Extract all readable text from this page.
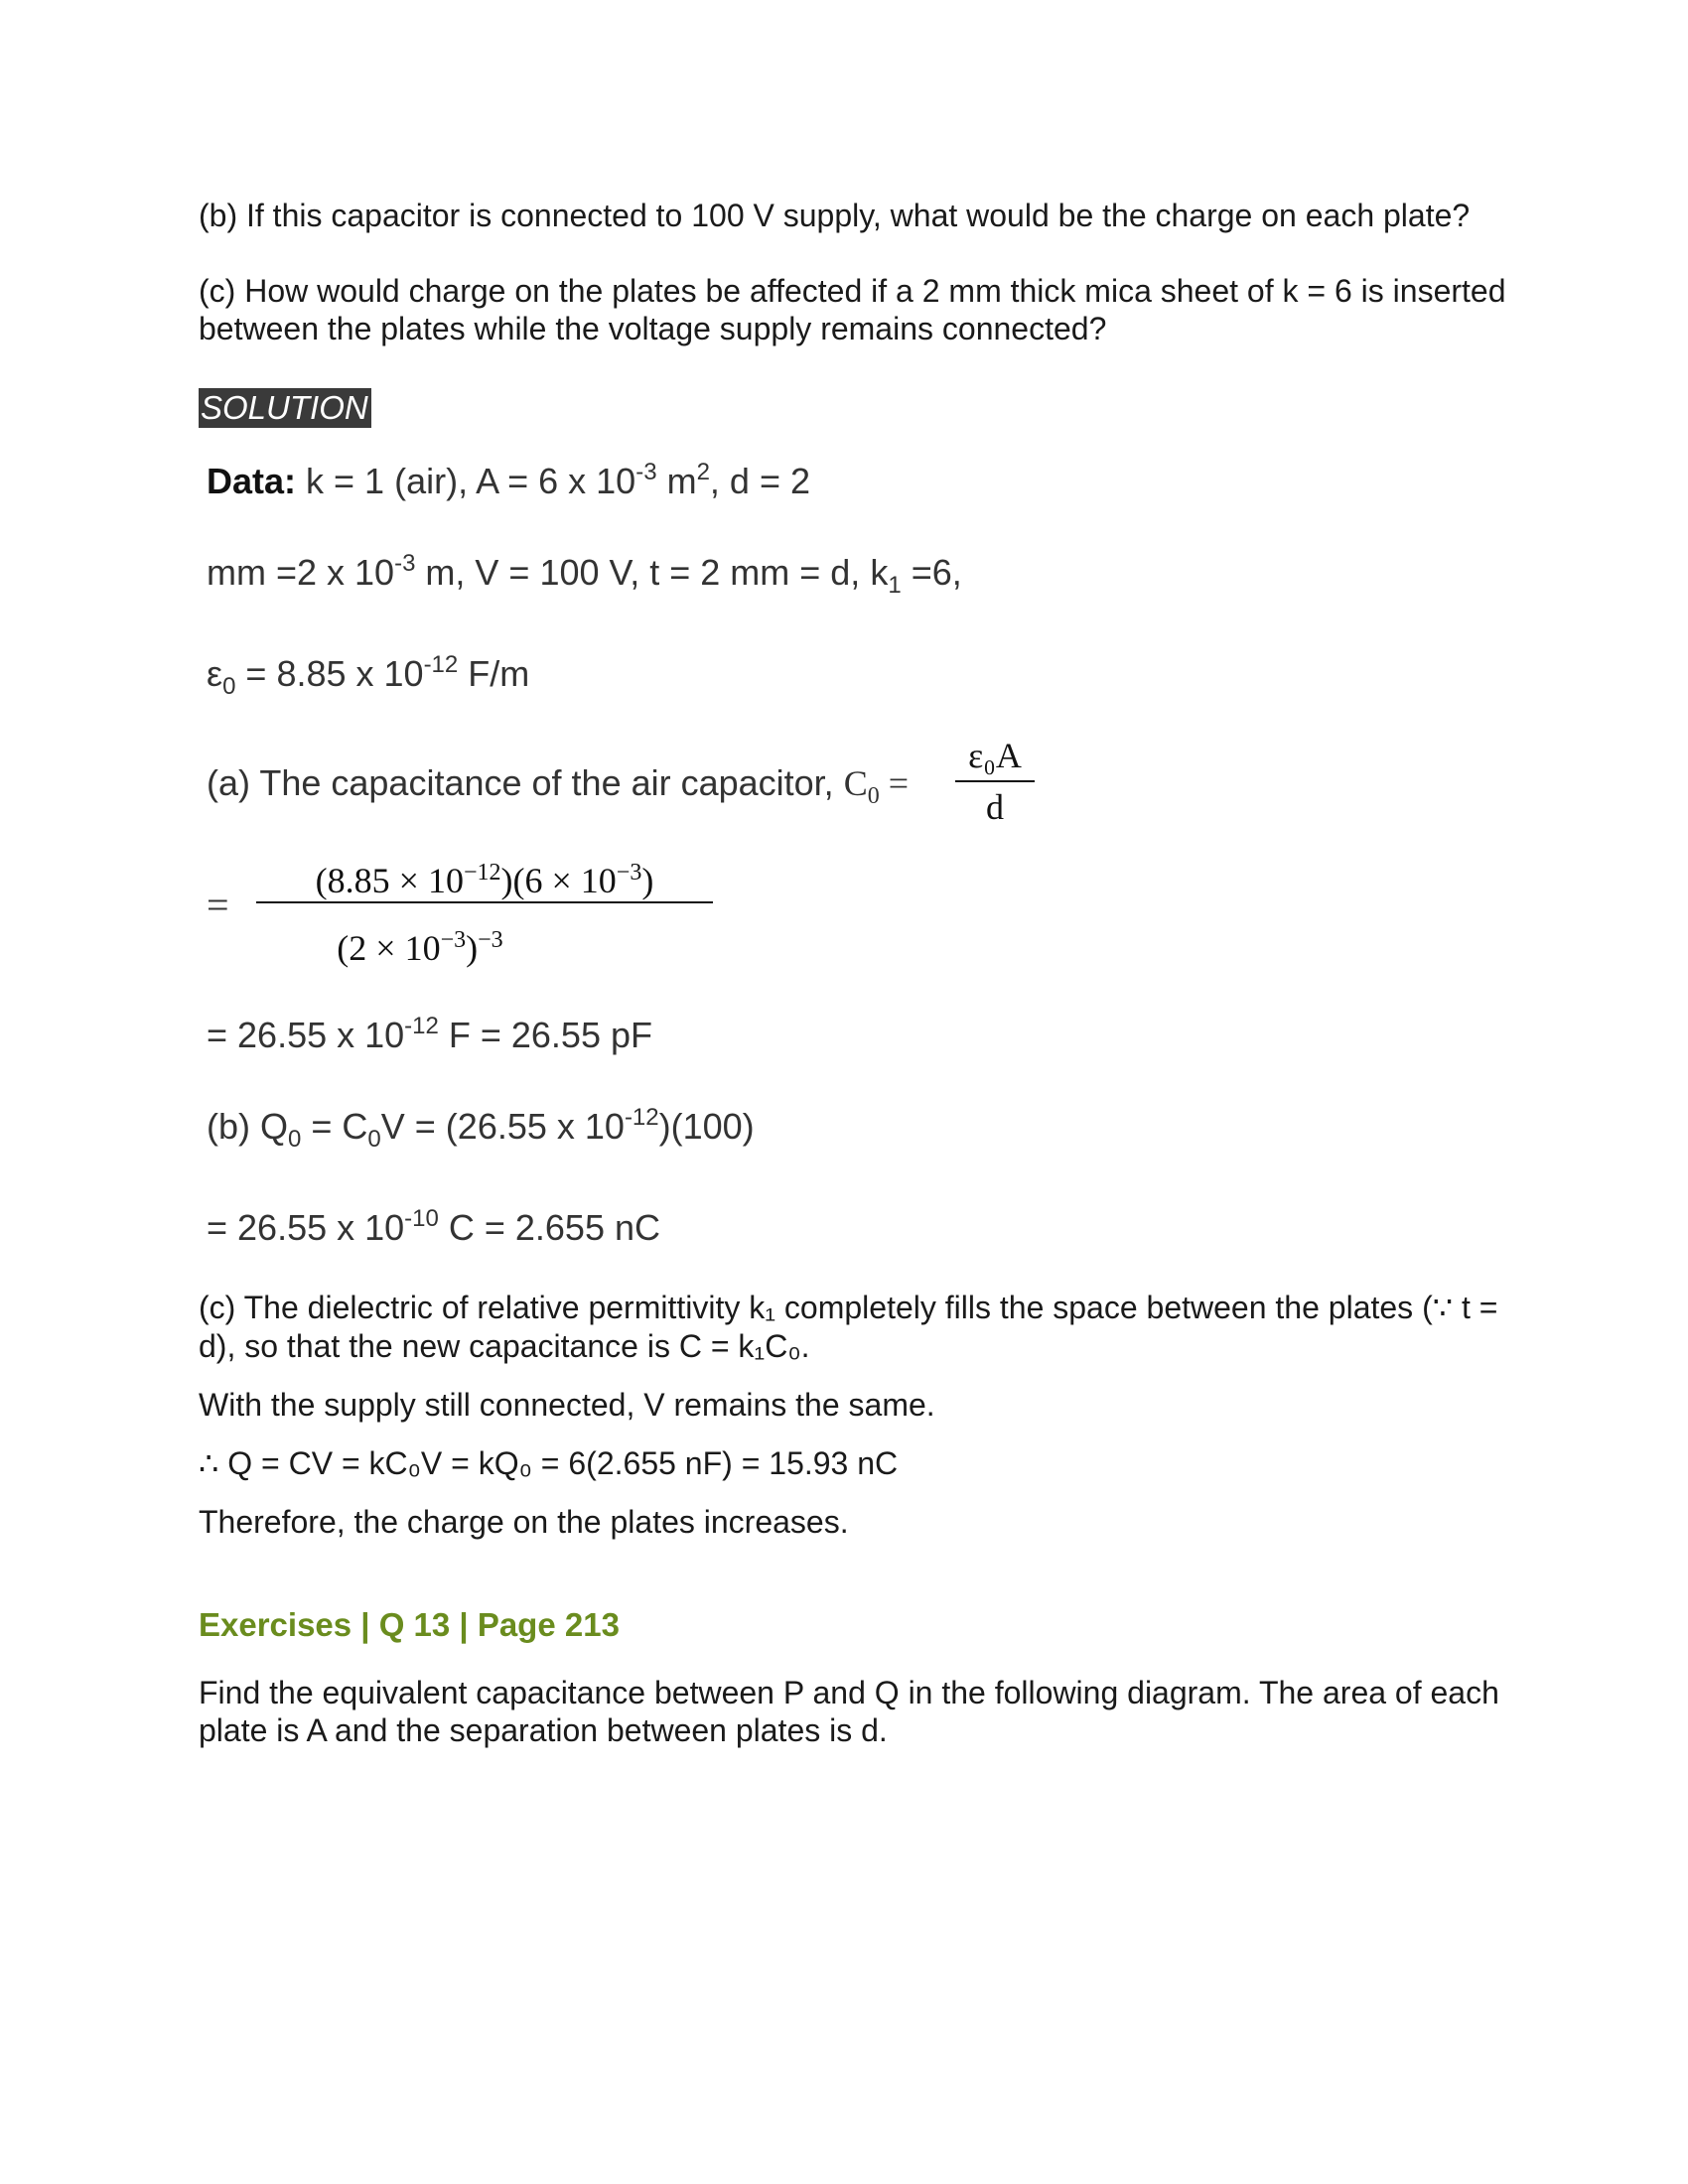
(b) If this capacitor is connected to 100 V supply, what would be the charge on each plate?

(c) How would charge on the plates be affected if a 2 mm thick mica sheet of k = 6 is inserted between the plates while the voltage supply remains connected?

SOLUTION
Data: k = 1 (air), A = 6 x $10^{-3}$ $m^2$, d = 2
mm =2 x $10^{-3}$ m, V = 100 V, t = 2 mm = d, $k_1 =6$,
$\varepsilon_0 = 8.85$ x $10^{-12}$ F/m
(a) The capacitance of the air capacitor, $C_0$ =
ε₀A
d
=
$(8.85 \times 10^{-12})(6 \times 10^{-3})$
$(2 \times 10^{-3})^{-3}$
= 26.55 x $10^{-12}$ F = 26.55 pF
(b) $Q_0 = C_0V = (26.55$ x $10^{-12})(100)$
= 26.55 x $10^{-10}$ C = 2.655 nC

(c) The dielectric of relative permittivity k₁ completely fills the space between the plates (∵ t = d), so that the new capacitance is C = k₁C₀.

With the supply still connected, V remains the same.

∴ Q = CV = kC₀V = kQ₀ = 6(2.655 nF) = 15.93 nC

Therefore, the charge on the plates increases.

Exercises | Q 13 | Page 213

Find the equivalent capacitance between P and Q in the following diagram. The area of each plate is A and the separation between plates is d.
